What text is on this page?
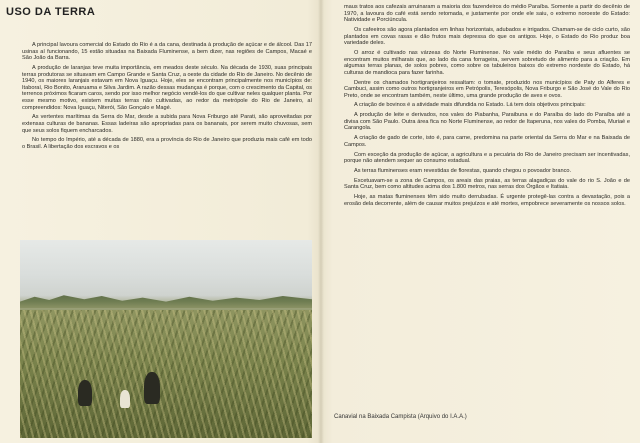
USO DA TERRA

A principal lavoura comercial do Estado do Rio é a da cana, destinada à produção de açúcar e de álcool. Das 17 usinas aí funcionando, 15 estão situadas na Baixada Fluminense, a bem dizer, nas regiões de Campos, Macaé e São João da Barra.

A produção de laranjas teve muita importância, em meados deste século. Na década de 1930, suas principais terras produtoras se situavam em Campo Grande e Santa Cruz, a oeste da cidade do Rio de Janeiro. No decênio de 1940, os maiores laranjais estavam em Nova Iguaçu. Hoje, eles se encontram principalmente nos municípios de: Itaboraí, Rio Bonito, Araruama e Silva Jardim. A razão dessas mudanças é porque, com o crescimento da Capital, os terrenos próximos ficaram caros, sendo por isso melhor negócio vendê-los do que cultivar neles qualquer planta. Por esse mesmo motivo, existem muitas terras não cultivadas, ao redor da metrópole do Rio de Janeiro, aí compreendidos: Nova Iguaçu, Niterói, São Gonçalo e Magé.

As vertentes marítimas da Serra do Mar, desde a subida para Nova Friburgo até Parati, são aproveitadas por extensas culturas de bananas. Essas ladeiras são apropriadas para os bananais, por serem muito chuvosas, sem que seus solos fiquem encharcados.

No tempo do Império, até a década de 1880, era a província do Rio de Janeiro que produzia mais café em todo o Brasil. A libertação dos escravos e os

maus tratos aos cafezais arruinaram a maioria dos fazendeiros do médio Paraíba. Somente a partir do decênio de 1970, a lavoura do café está sendo retomada, e justamente por onde ele saiu, o extremo noroeste do Estado: Natividade e Porciúncula.

Os cafeeiros são agora plantados em linhas horizontais, adubados e irrigados. Chamam-se de ciclo curto, são plantados em covas rasas e dão frutos mais depressa do que os antigos. Hoje, o Estado do Rio produz boa variedade deles.

O arroz é cultivado nas várzeas do Norte Fluminense. No vale médio do Paraíba e seus afluentes se encontram muitos milharais que, ao lado da cana forrageira, servem sobretudo de alimento para a criação. Em algumas terras planas, de solos pobres, como sobre os tabuleiros baixos do extremo nordeste do Estado, há culturas de mandioca para fazer farinha.

Dentre os chamados hortigranjeiros ressaltam: o tomate, produzido nos municípios de Paty do Alferes e Cambuci, assim como outros hortigranjeiros em Petrópolis, Teresópolis, Nova Friburgo e São José do Vale do Rio Preto, onde se encontram também, neste último, uma grande produção de aves e ovos.

A criação de bovinos é a atividade mais difundida no Estado. Lá tem dois objetivos principais:

A produção de leite e derivados, nos vales do Piabanha, Paraibuna e do Paraíba do lado do Paraíba até a divisa com São Paulo. Outra área fica no Norte Fluminense, ao redor de Itaperuna, nos vales do Pomba, Muriaé e Carangola.

A criação de gado de corte, isto é, para carne, predomina na parte oriental da Serra do Mar e na Baixada de Campos.

Com exceção da produção de açúcar, a agricultura e a pecuária do Rio de Janeiro precisam ser incentivadas, porque não atendem sequer ao consumo estadual.

As terras fluminenses eram revestidas de florestas, quando chegou o povoador branco.

Excetuavam-se a zona de Campos, os areais das praias, as terras alagadiças do vale do rio S. João e de Santa Cruz, bem como altitudes acima dos 1.800 metros, nas serras dos Órgãos e Itatiaia.

Hoje, as matas fluminenses têm sido muito derrubadas. É urgente protegê-las contra a devastação, pois a erosão dela decorrente, além de causar muitos prejuízos e até mortes, empobrece severamente os nossos solos.

Canavial na Baixada Campista (Arquivo do I.A.A.)
